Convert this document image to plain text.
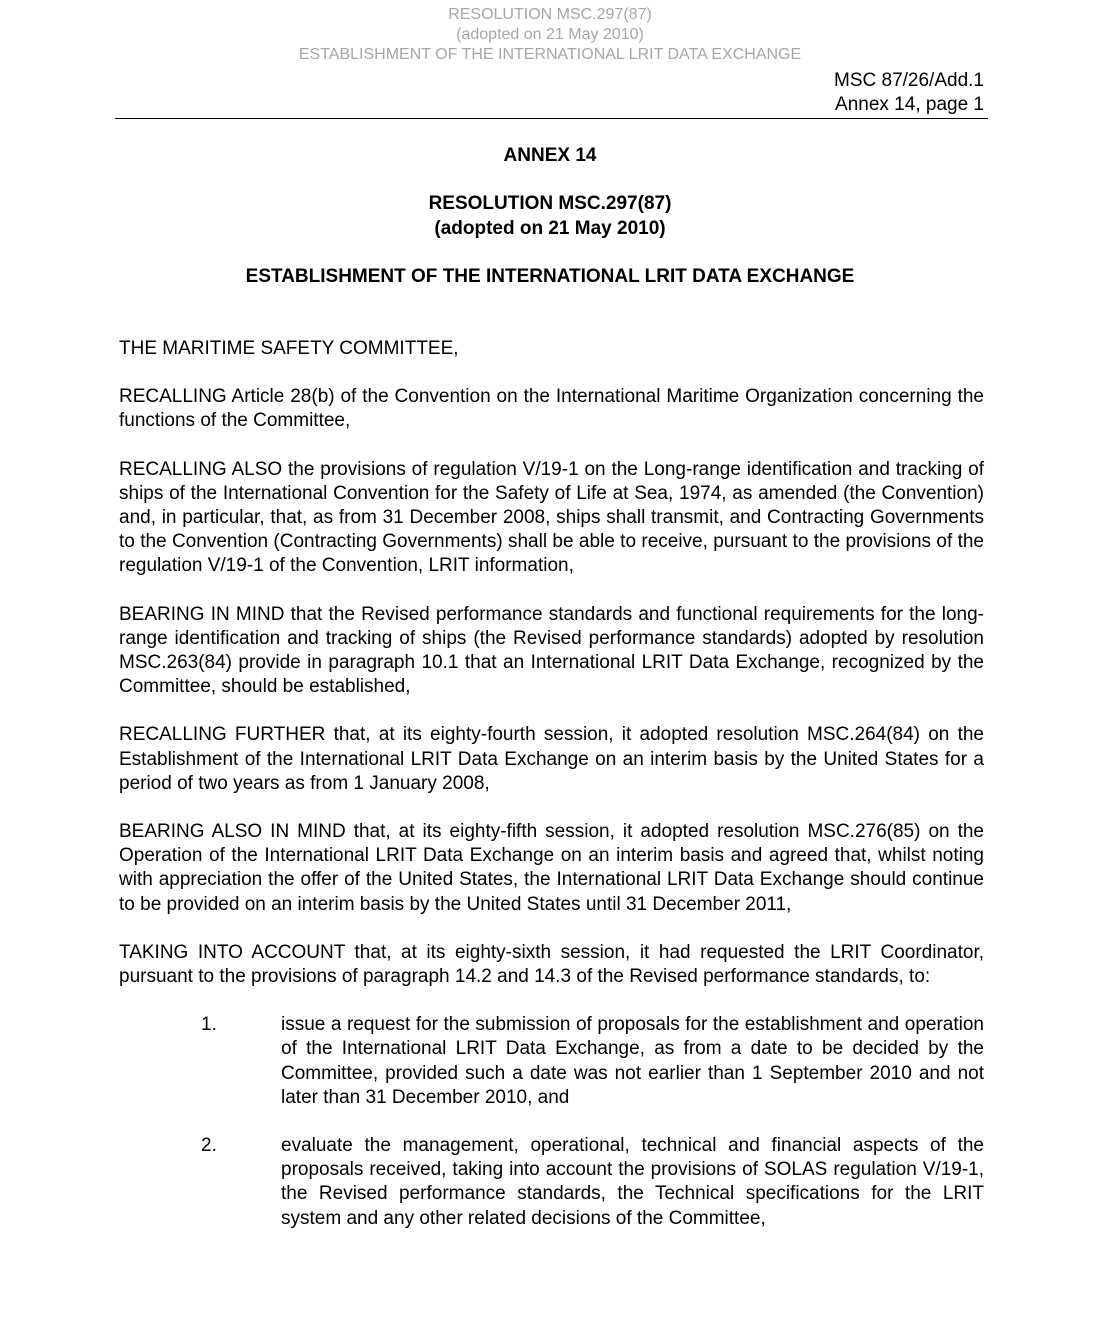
RESOLUTION MSC.297(87)
(adopted on 21 May 2010)
ESTABLISHMENT OF THE INTERNATIONAL LRIT DATA EXCHANGE
MSC 87/26/Add.1
Annex 14, page 1
ANNEX 14
RESOLUTION MSC.297(87)
(adopted on 21 May 2010)
ESTABLISHMENT OF THE INTERNATIONAL LRIT DATA EXCHANGE

THE MARITIME SAFETY COMMITTEE,

RECALLING Article 28(b) of the Convention on the International Maritime Organization concerning the functions of the Committee,

RECALLING ALSO the provisions of regulation V/19-1 on the Long-range identification and tracking of ships of the International Convention for the Safety of Life at Sea, 1974, as amended (the Convention) and, in particular, that, as from 31 December 2008, ships shall transmit, and Contracting Governments to the Convention (Contracting Governments) shall be able to receive, pursuant to the provisions of the regulation V/19-1 of the Convention, LRIT information,

BEARING IN MIND that the Revised performance standards and functional requirements for the long-range identification and tracking of ships (the Revised performance standards) adopted by resolution MSC.263(84) provide in paragraph 10.1 that an International LRIT Data Exchange, recognized by the Committee, should be established,

RECALLING FURTHER that, at its eighty-fourth session, it adopted resolution MSC.264(84) on the Establishment of the International LRIT Data Exchange on an interim basis by the United States for a period of two years as from 1 January 2008,

BEARING ALSO IN MIND that, at its eighty-fifth session, it adopted resolution MSC.276(85) on the Operation of the International LRIT Data Exchange on an interim basis and agreed that, whilst noting with appreciation the offer of the United States, the International LRIT Data Exchange should continue to be provided on an interim basis by the United States until 31 December 2011,

TAKING INTO ACCOUNT that, at its eighty-sixth session, it had requested the LRIT Coordinator, pursuant to the provisions of paragraph 14.2 and 14.3 of the Revised performance standards, to:

1.	issue a request for the submission of proposals for the establishment and operation of the International LRIT Data Exchange, as from a date to be decided by the Committee, provided such a date was not earlier than 1 September 2010 and not later than 31 December 2010, and
2.	evaluate the management, operational, technical and financial aspects of the proposals received, taking into account the provisions of SOLAS regulation V/19-1, the Revised performance standards, the Technical specifications for the LRIT system and any other related decisions of the Committee,
